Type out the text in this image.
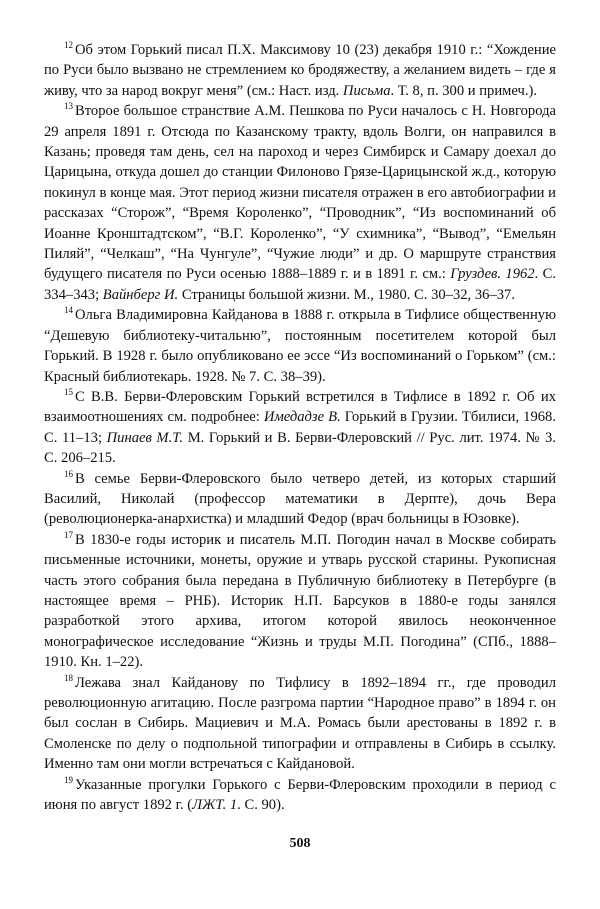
$^{12}$ Об этом Горький писал П.Х. Максимову 10 (23) декабря 1910 г.: “Хождение по Руси было вызвано не стремлением ко бродяжеству, а желанием видеть – где я живу, что за народ вокруг меня” (см.: Наст. изд. Письма. Т. 8, п. 300 и примеч.).

$^{13}$ Второе большое странствие А.М. Пешкова по Руси началось с Н. Новгорода 29 апреля 1891 г. Отсюда по Казанскому тракту, вдоль Волги, он направился в Казань; проведя там день, сел на пароход и через Симбирск и Самару доехал до Царицына, откуда дошел до станции Филоново Грязе-Царицынской ж.д., которую покинул в конце мая. Этот период жизни писателя отражен в его автобиографии и рассказах “Сторож”, “Время Короленко”, “Проводник”, “Из воспоминаний об Иоанне Кронштадтском”, “В.Г. Короленко”, “У схимника”, “Вывод”, “Емельян Пиляй”, “Челкаш”, “На Чунгуле”, “Чужие люди” и др. О маршруте странствия будущего писателя по Руси осенью 1888–1889 г. и в 1891 г. см.: Груздев. 1962. С. 334–343; Вайнберг И. Страницы большой жизни. М., 1980. С. 30–32, 36–37.

$^{14}$ Ольга Владимировна Кайданова в 1888 г. открыла в Тифлисе общественную “Дешевую библиотеку-читальню”, постоянным посетителем которой был Горький. В 1928 г. было опубликовано ее эссе “Из воспоминаний о Горьком” (см.: Красный библиотекарь. 1928. № 7. С. 38–39).

$^{15}$ С В.В. Берви-Флеровским Горький встретился в Тифлисе в 1892 г. Об их взаимоотношениях см. подробнее: Имедадзе В. Горький в Грузии. Тбилиси, 1968. С. 11–13; Пинаев М.Т. М. Горький и В. Берви-Флеровский // Рус. лит. 1974. № 3. С. 206–215.

$^{16}$ В семье Берви-Флеровского было четверо детей, из которых старший Василий, Николай (профессор математики в Дерпте), дочь Вера (революционерка-анархистка) и младший Федор (врач больницы в Юзовке).

$^{17}$ В 1830-е годы историк и писатель М.П. Погодин начал в Москве собирать письменные источники, монеты, оружие и утварь русской старины. Рукописная часть этого собрания была передана в Публичную библиотеку в Петербурге (в настоящее время – РНБ). Историк Н.П. Барсуков в 1880-е годы занялся разработкой этого архива, итогом которой явилось неоконченное монографическое исследование “Жизнь и труды М.П. Погодина” (СПб., 1888–1910. Кн. 1–22).

$^{18}$ Лежава знал Кайданову по Тифлису в 1892–1894 гг., где проводил революционную агитацию. После разгрома партии “Народное право” в 1894 г. он был сослан в Сибирь. Мациевич и М.А. Ромась были арестованы в 1892 г. в Смоленске по делу о подпольной типографии и отправлены в Сибирь в ссылку. Именно там они могли встречаться с Кайдановой.

$^{19}$ Указанные прогулки Горького с Берви-Флеровским проходили в период с июня по август 1892 г. (ЛЖТ. 1. С. 90).

508
